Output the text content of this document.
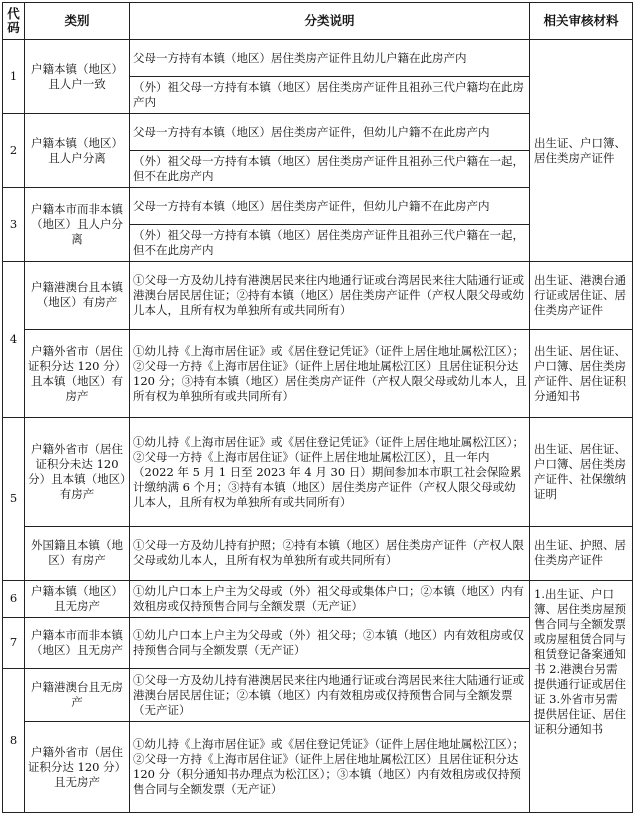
代码	类别	分类说明	相关审核材料
1	户籍本镇（地区）且人户一致	父母一方持有本镇（地区）居住类房产证件且幼儿户籍在此房产内	出生证、户口簿、居住类房产证件
		（外）祖父母一方持有本镇（地区）居住类房产证件且祖孙三代户籍均在此房产内	
2	户籍本镇（地区）且人户分离	父母一方持有本镇（地区）居住类房产证件，但幼儿户籍不在此房产内	
		（外）祖父母一方持有本镇（地区）居住类房产证件且祖孙三代户籍在一起，但不在此房产内	
3	户籍本市而非本镇（地区）且人户分离	父母一方持有本镇（地区）居住类房产证件，但幼儿户籍不在此房产内	
		（外）祖父母一方持有本镇（地区）居住类房产证件且祖孙三代户籍在一起，但不在此房产内	
4	户籍港澳台且本镇（地区）有房产	①父母一方及幼儿持有港澳居民来往内地通行证或台湾居民来往大陆通行证或港澳台居民居住证；②持有本镇（地区）居住类房产证件（产权人限父母或幼儿本人，且所有权为单独所有或共同所有）	出生证、港澳台通行证或居住证、居住类房产证件
	户籍外省市（居住证积分达 120 分）且本镇（地区）有房产	①幼儿持《上海市居住证》或《居住登记凭证》（证件上居住地址属松江区）；②父母一方持《上海市居住证》（证件上居住地址属松江区）且居住证积分达 120 分；③持有本镇（地区）居住类房产证件（产权人限父母或幼儿本人，且所有权为单独所有或共同所有）	出生证、居住证、户口簿、居住类房产证件、居住证积分通知书
5	户籍外省市（居住证积分未达 120 分）且本镇（地区）有房产	①幼儿持《上海市居住证》或《居住登记凭证》（证件上居住地址属松江区）；②父母一方持《上海市居住证》（证件上居住地址属松江区），且一年内（2022 年 5 月 1 日至 2023 年 4 月 30 日）期间参加本市职工社会保险累计缴纳满 6 个月；③持有本镇（地区）居住类房产证件（产权人限父母或幼儿本人，且所有权为单独所有或共同所有）	出生证、居住证、户口簿、居住类房产证件、社保缴纳证明
	外国籍且本镇（地区）有房产	①父母一方及幼儿持有护照；②持有本镇（地区）居住类房产证件（产权人限父母或幼儿本人，且所有权为单独所有或共同所有）	出生证、护照、居住类房产证件
6	户籍本镇（地区）且无房产	①幼儿户口本上户主为父母或（外）祖父母或集体户口；②本镇（地区）内有效租房或仅持预售合同与全额发票（无产证）	1.出生证、户口簿、居住类房屋预售合同与全额发票或房屋租赁合同与租赁登记备案通知书 2.港澳台另需提供通行证或居住证 3.外省市另需提供居住证、居住证积分通知书
7	户籍本市而非本镇（地区）且无房产	①幼儿户口本上户主为父母或（外）祖父母；②本镇（地区）内有效租房或仅持预售合同与全额发票（无产证）	
8	户籍港澳台且无房产	①父母一方及幼儿持有港澳居民来往内地通行证或台湾居民来往大陆通行证或港澳台居民居住证；②本镇（地区）内有效租房或仅持预售合同与全额发票（无产证）	
	户籍外省市（居住证积分达 120 分）且无房产	①幼儿持《上海市居住证》或《居住登记凭证》（证件上居住地址属松江区）；②父母一方持《上海市居住证》（证件上居住地址属松江区）且居住证积分达 120 分（积分通知书办理点为松江区）；③本镇（地区）内有效租房或仅持预售合同与全额发票（无产证）	
